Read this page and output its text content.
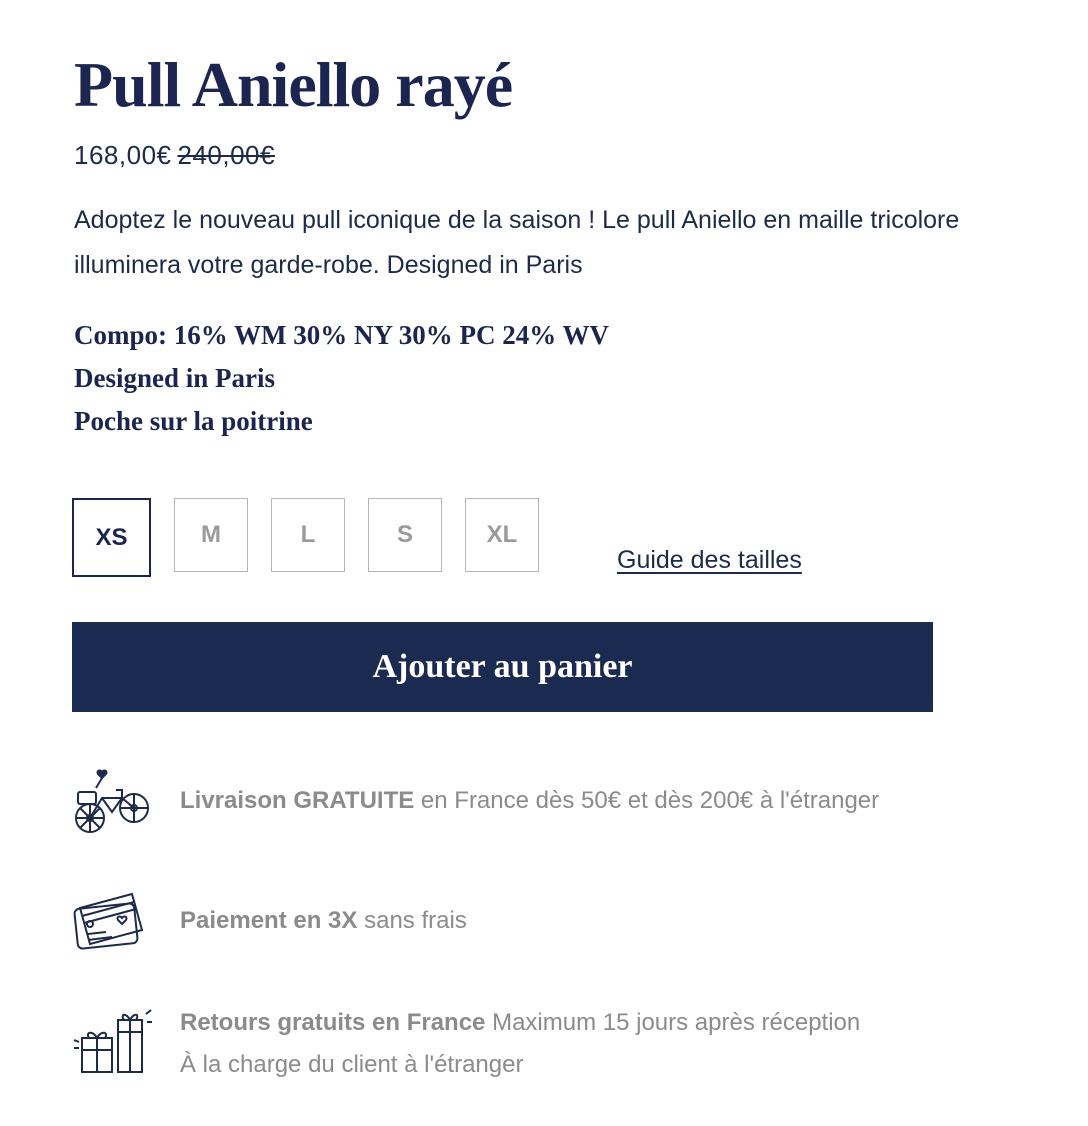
Pull Aniello rayé
168,00€ 240,00€
Adoptez le nouveau pull iconique de la saison ! Le pull Aniello en maille tricolore illuminera votre garde-robe. Designed in Paris
Compo: 16% WM 30% NY 30% PC 24% WV
Designed in Paris
Poche sur la poitrine
XS	M	L	S	XL
Guide des tailles
Ajouter au panier
Livraison GRATUITE en France dès 50€ et dès 200€ à l'étranger
Paiement en 3X sans frais
Retours gratuits en France Maximum 15 jours après réception
À la charge du client à l'étranger
